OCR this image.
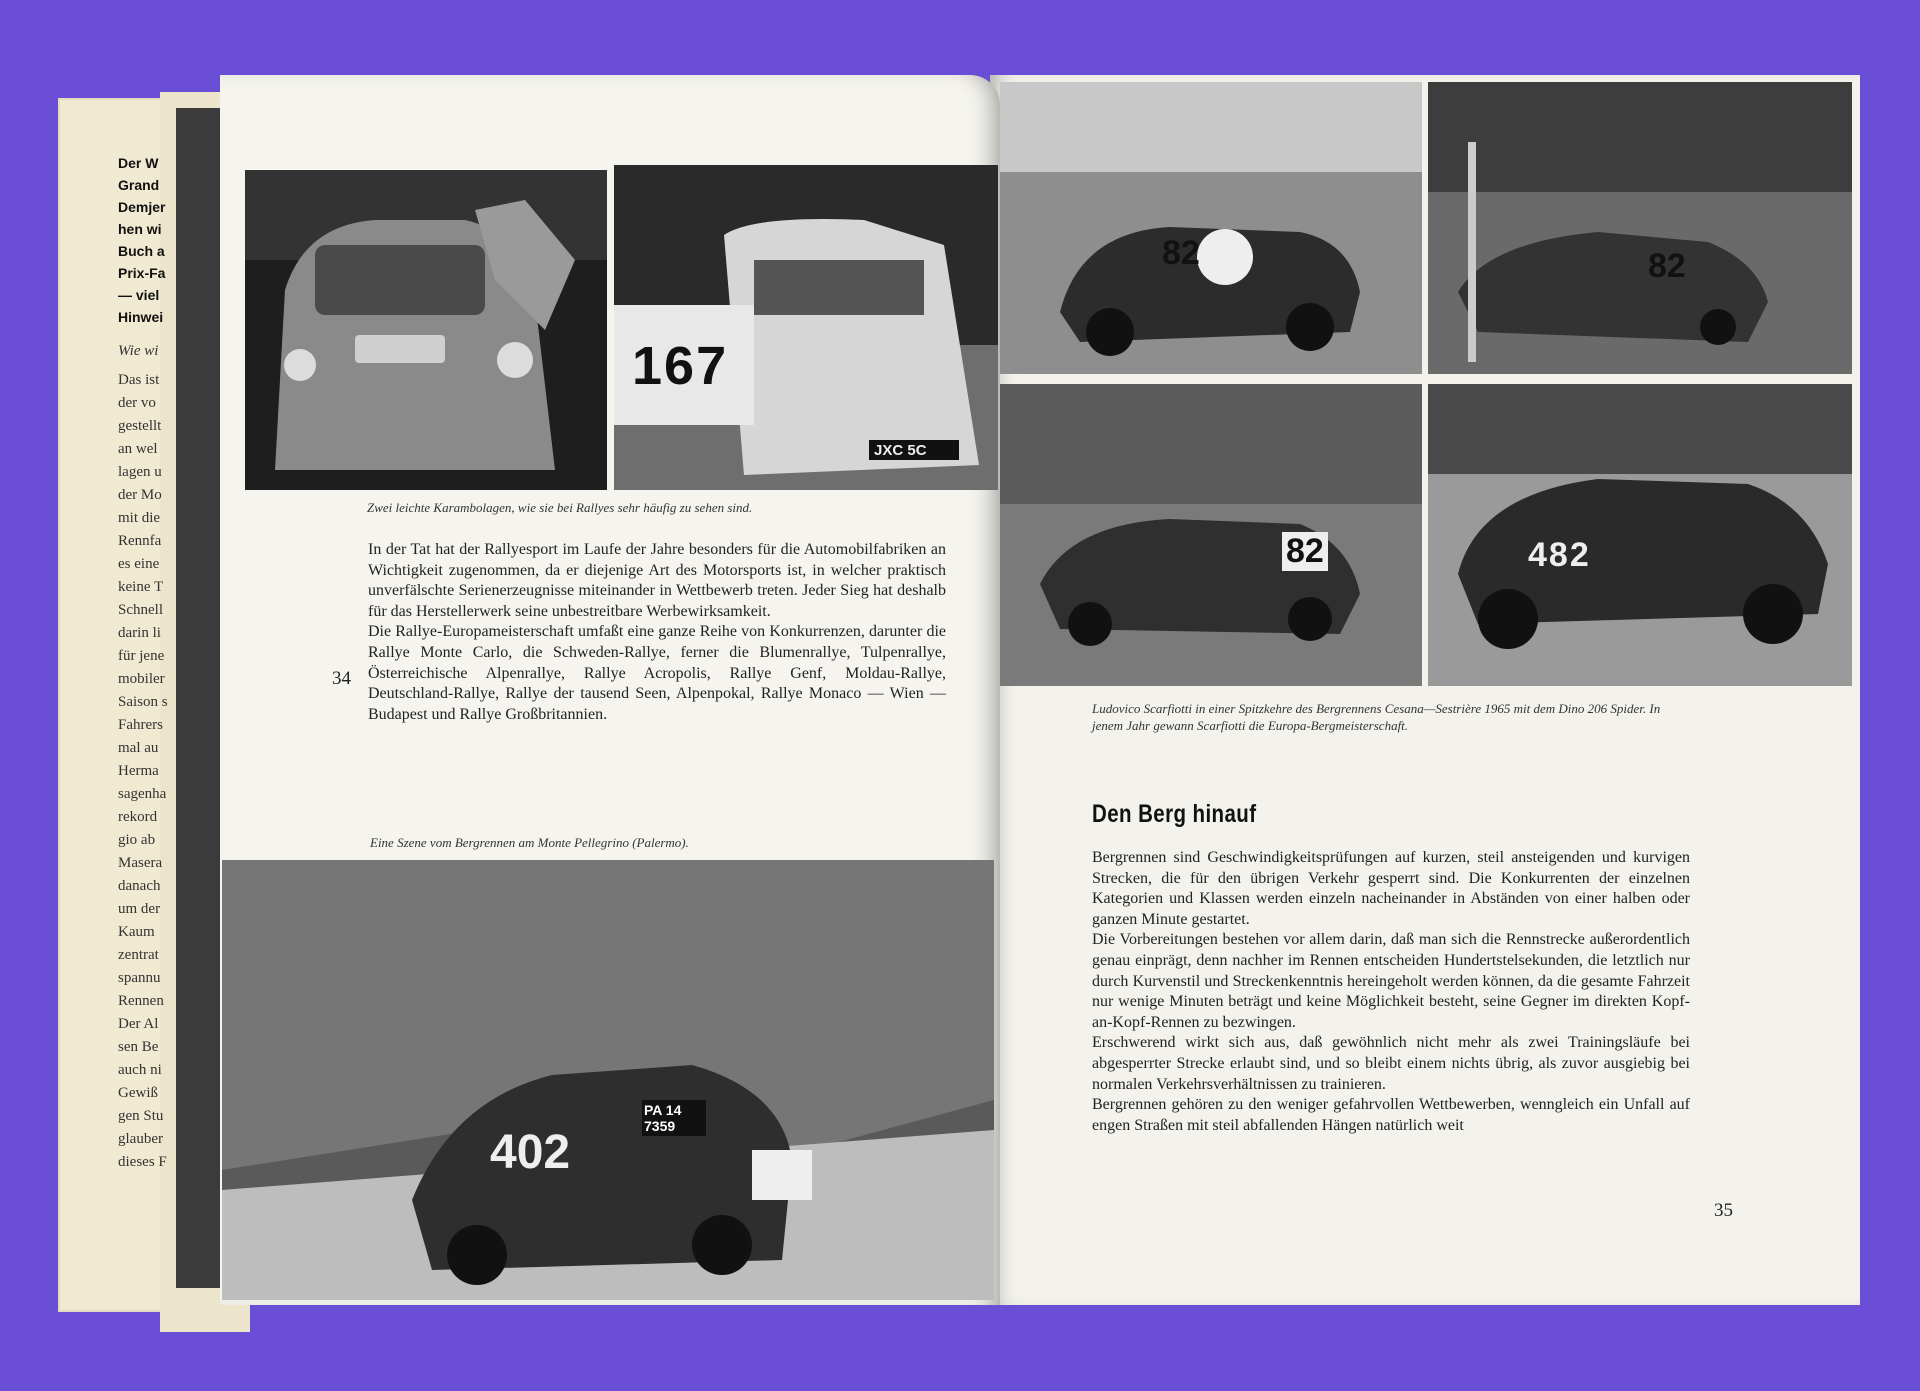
Der W
Grand
Demjer
hen wi
Buch a
Prix-Fa
— viel
Hinwei
Wie wi
Das ist
der vo
gestellt
an wel
lagen u
der Mo
mit die
Rennfa
es eine
keine T
Schnell
darin li
für jene
mobiler
Saison s
Fahrers
mal au
Herma
sagenha
rekord
gio ab
Masera
danach
um der
Kaum
zentrat
spannu
Rennen
Der Al
sen Be
auch ni
Gewiß
gen Stu
glauber
dieses F
167
JXC 5C
Zwei leichte Karambolagen, wie sie bei Rallyes sehr häufig zu sehen sind.
34

In der Tat hat der Rallyesport im Laufe der Jahre besonders für die Automobilfabriken an Wichtigkeit zugenommen, da er diejenige Art des Motorsports ist, in welcher praktisch unverfälschte Serienerzeugnisse miteinander in Wettbewerb treten. Jeder Sieg hat deshalb für das Herstellerwerk seine unbestreitbare Werbewirksamkeit.

Die Rallye-Europameisterschaft umfaßt eine ganze Reihe von Konkurrenzen, darunter die Rallye Monte Carlo, die Schweden-Rallye, ferner die Blumenrallye, Tulpenrallye, Österreichische Alpenrallye, Rallye Acropolis, Rallye Genf, Moldau-Rallye, Deutschland-Rallye, Rallye der tausend Seen, Alpenpokal, Rallye Monaco — Wien — Budapest und Rallye Großbritannien.

Eine Szene vom Bergrennen am Monte Pellegrino (Palermo).
402
PA 14 7359
82	82
82	482
Ludovico Scarfiotti in einer Spitzkehre des Bergrennens Cesana—Sestrière 1965 mit dem Dino 206 Spider. In jenem Jahr gewann Scarfiotti die Europa-Bergmeisterschaft.
Den Berg hinauf

Bergrennen sind Geschwindigkeitsprüfungen auf kurzen, steil ansteigenden und kurvigen Strecken, die für den übrigen Verkehr gesperrt sind. Die Konkurrenten der einzelnen Kategorien und Klassen werden einzeln nacheinander in Abständen von einer halben oder ganzen Minute gestartet.

Die Vorbereitungen bestehen vor allem darin, daß man sich die Rennstrecke außerordentlich genau einprägt, denn nachher im Rennen entscheiden Hundertstelsekunden, die letztlich nur durch Kurvenstil und Streckenkenntnis hereingeholt werden können, da die gesamte Fahrzeit nur wenige Minuten beträgt und keine Möglichkeit besteht, seine Gegner im direkten Kopf-an-Kopf-Rennen zu bezwingen.

Erschwerend wirkt sich aus, daß gewöhnlich nicht mehr als zwei Trainingsläufe bei abgesperrter Strecke erlaubt sind, und so bleibt einem nichts übrig, als zuvor ausgiebig bei normalen Verkehrsverhältnissen zu trainieren.

Bergrennen gehören zu den weniger gefahrvollen Wettbewerben, wenngleich ein Unfall auf engen Straßen mit steil abfallenden Hängen natürlich weit

35
